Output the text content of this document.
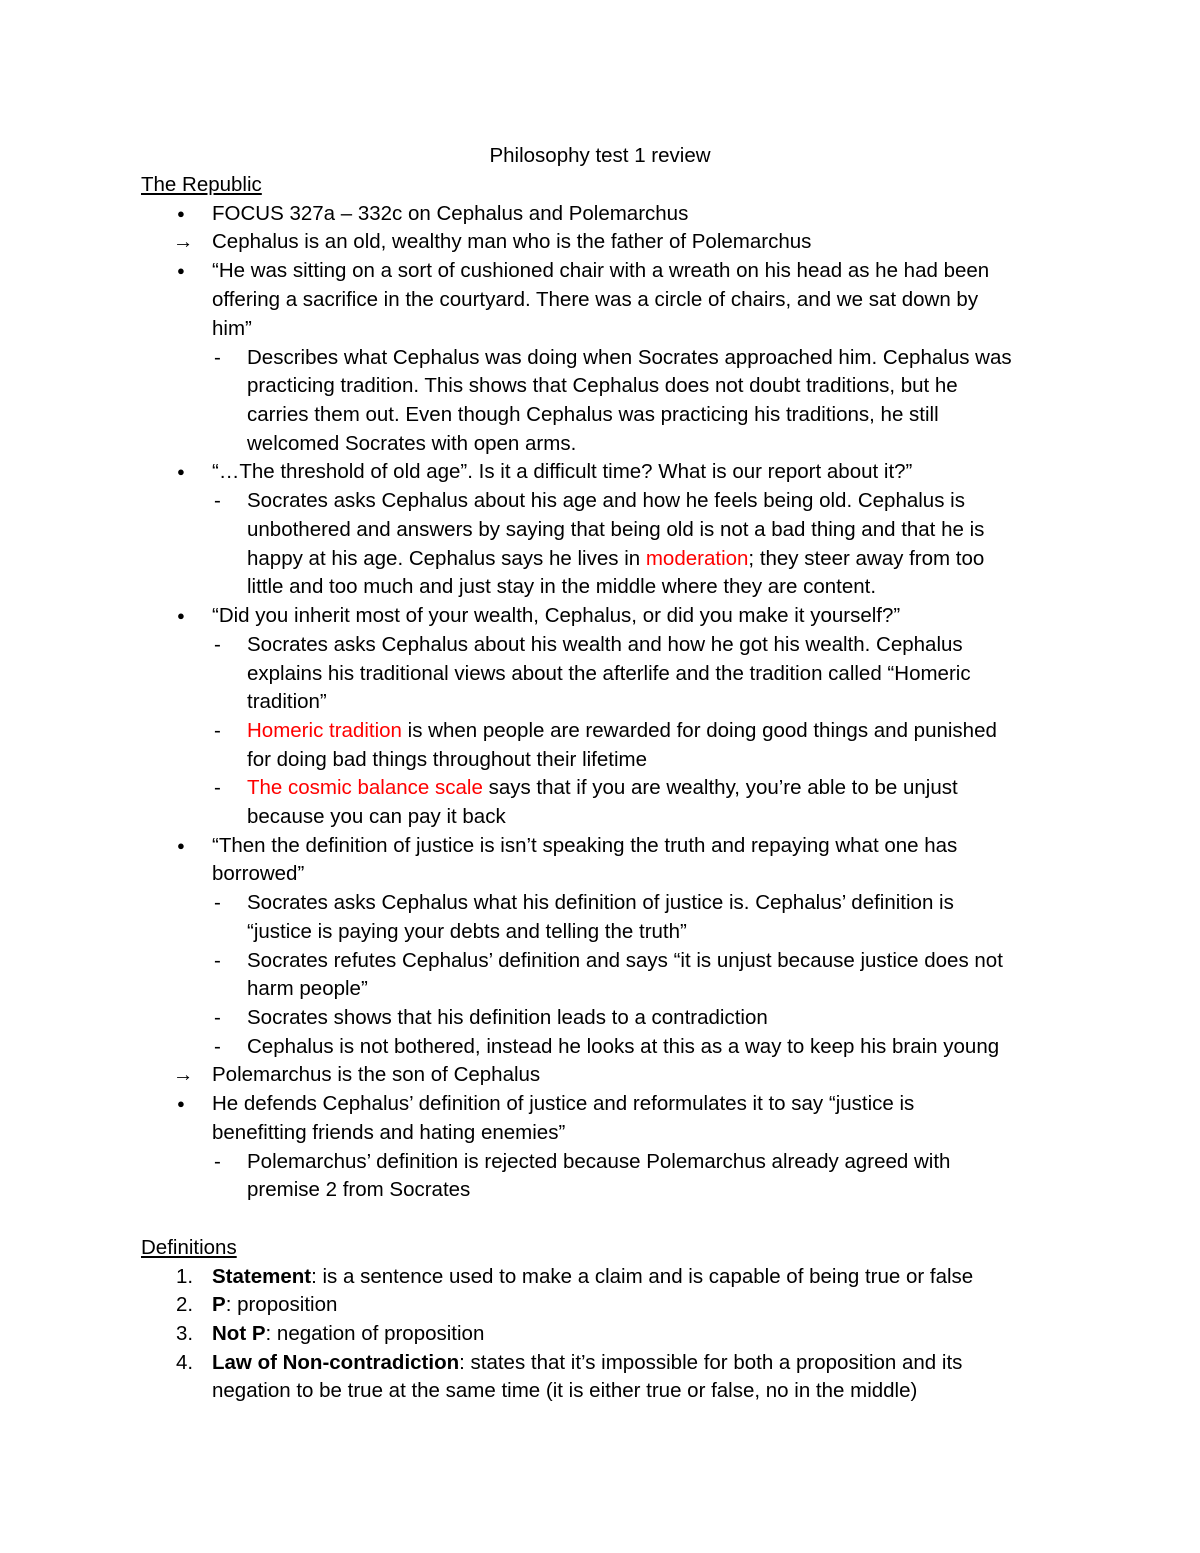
Philosophy test 1 review
The Republic
● FOCUS 327a – 332c on Cephalus and Polemarchus
→ Cephalus is an old, wealthy man who is the father of Polemarchus
● “He was sitting on a sort of cushioned chair with a wreath on his head as he had been
offering a sacrifice in the courtyard. There was a circle of chairs, and we sat down by
him”
- Describes what Cephalus was doing when Socrates approached him. Cephalus was
practicing tradition. This shows that Cephalus does not doubt traditions, but he
carries them out. Even though Cephalus was practicing his traditions, he still
welcomed Socrates with open arms.
● “…The threshold of old age”. Is it a difficult time? What is our report about it?”
- Socrates asks Cephalus about his age and how he feels being old. Cephalus is
unbothered and answers by saying that being old is not a bad thing and that he is
happy at his age. Cephalus says he lives in moderation; they steer away from too
little and too much and just stay in the middle where they are content.
● “Did you inherit most of your wealth, Cephalus, or did you make it yourself?”
- Socrates asks Cephalus about his wealth and how he got his wealth. Cephalus
explains his traditional views about the afterlife and the tradition called “Homeric
tradition”
- Homeric tradition is when people are rewarded for doing good things and punished
for doing bad things throughout their lifetime
- The cosmic balance scale says that if you are wealthy, you’re able to be unjust
because you can pay it back
● “Then the definition of justice is isn’t speaking the truth and repaying what one has
borrowed”
- Socrates asks Cephalus what his definition of justice is. Cephalus’ definition is
“justice is paying your debts and telling the truth”
- Socrates refutes Cephalus’ definition and says “it is unjust because justice does not
harm people”
- Socrates shows that his definition leads to a contradiction
- Cephalus is not bothered, instead he looks at this as a way to keep his brain young
→ Polemarchus is the son of Cephalus
● He defends Cephalus’ definition of justice and reformulates it to say “justice is
benefitting friends and hating enemies”
- Polemarchus’ definition is rejected because Polemarchus already agreed with
premise 2 from Socrates
Definitions
1. Statement: is a sentence used to make a claim and is capable of being true or false
2. P: proposition
3. Not P: negation of proposition
4. Law of Non-contradiction: states that it’s impossible for both a proposition and its
negation to be true at the same time (it is either true or false, no in the middle)
